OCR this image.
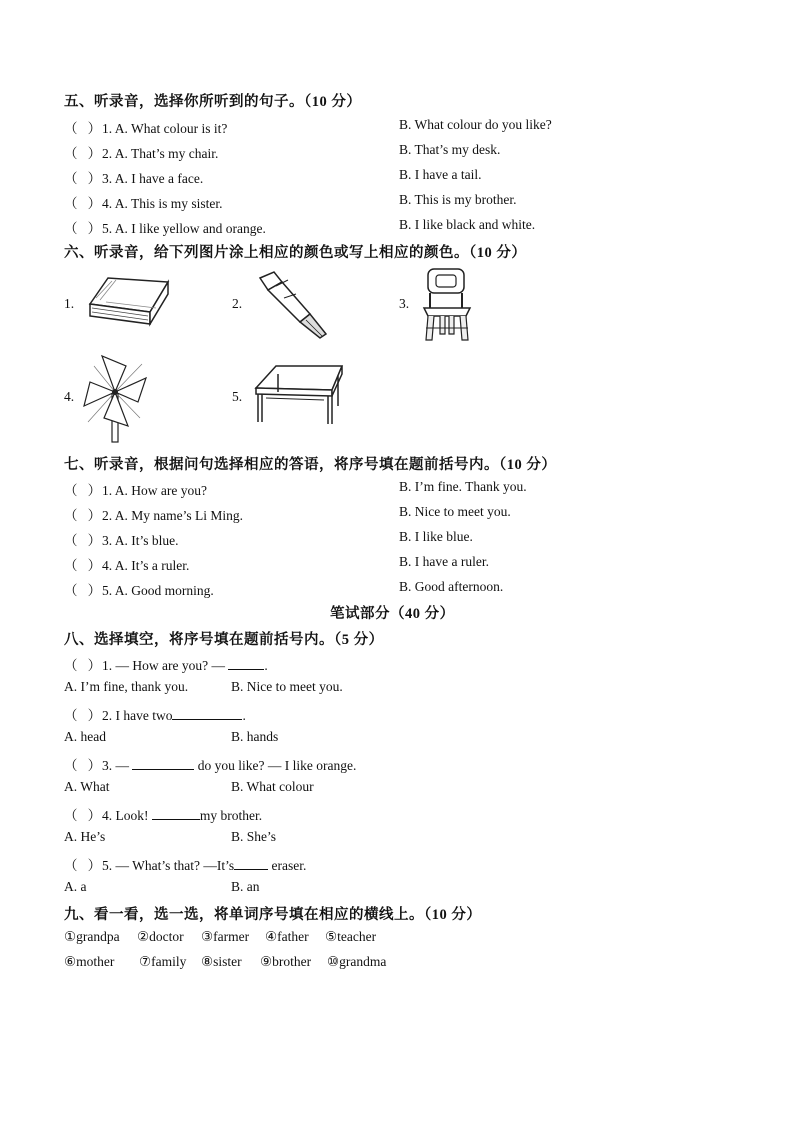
五、听录音，选择你所听到的句子。（10 分）
（ ）1. A. What colour is it?	B. What colour do you like?
（ ）2. A. That’s my chair.	B. That’s my desk.
（ ）3. A. I have a face.	B. I have a tail.
（ ）4. A. This is my sister.	B. This is my brother.
（ ）5. A. I like yellow and orange.	B. I like black and white.
六、听录音，给下列图片涂上相应的颜色或写上相应的颜色。（10 分）
1.	2.	3.
4.	5.
七、听录音，根据问句选择相应的答语，将序号填在题前括号内。（10 分）
（ ）1. A. How are you?	B. I’m fine. Thank you.
（ ）2. A. My name’s Li Ming.	B. Nice to meet you.
（ ）3. A. It’s blue.	B. I like blue.
（ ）4. A. It’s a ruler.	B. I have a ruler.
（ ）5. A. Good morning.	B. Good afternoon.
笔试部分（40 分）
八、选择填空，将序号填在题前括号内。（5 分）
（ ）1. — How are you? —	.
A. I’m fine, thank you.	B. Nice to meet you.
（ ）2. I have two	.
A. head	B. hands
（ ）3. —	do you like? — I like orange.
A. What	B. What colour
（ ）4. Look!	my brother.
A. He’s	B. She’s
（ ）5. — What’s that? —It’s	eraser.
A. a	B. an
九、看一看，选一选，将单词序号填在相应的横线上。（10 分）
①grandpa ②doctor ③farmer ④father ⑤teacher
⑥mother ⑦family ⑧sister ⑨brother ⑩grandma
